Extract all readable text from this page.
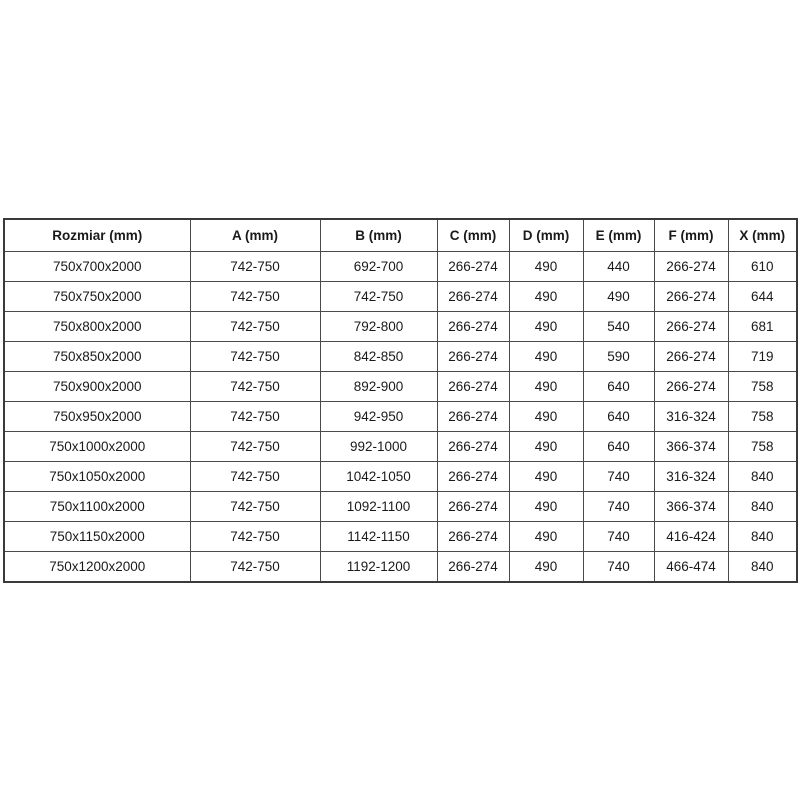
Rozmiar (mm)	A (mm)	B (mm)	C (mm)	D (mm)	E (mm)	F (mm)	X (mm)
750x700x2000	742-750	692-700	266-274	490	440	266-274	610
750x750x2000	742-750	742-750	266-274	490	490	266-274	644
750x800x2000	742-750	792-800	266-274	490	540	266-274	681
750x850x2000	742-750	842-850	266-274	490	590	266-274	719
750x900x2000	742-750	892-900	266-274	490	640	266-274	758
750x950x2000	742-750	942-950	266-274	490	640	316-324	758
750x1000x2000	742-750	992-1000	266-274	490	640	366-374	758
750x1050x2000	742-750	1042-1050	266-274	490	740	316-324	840
750x1100x2000	742-750	1092-1100	266-274	490	740	366-374	840
750x1150x2000	742-750	1142-1150	266-274	490	740	416-424	840
750x1200x2000	742-750	1192-1200	266-274	490	740	466-474	840
